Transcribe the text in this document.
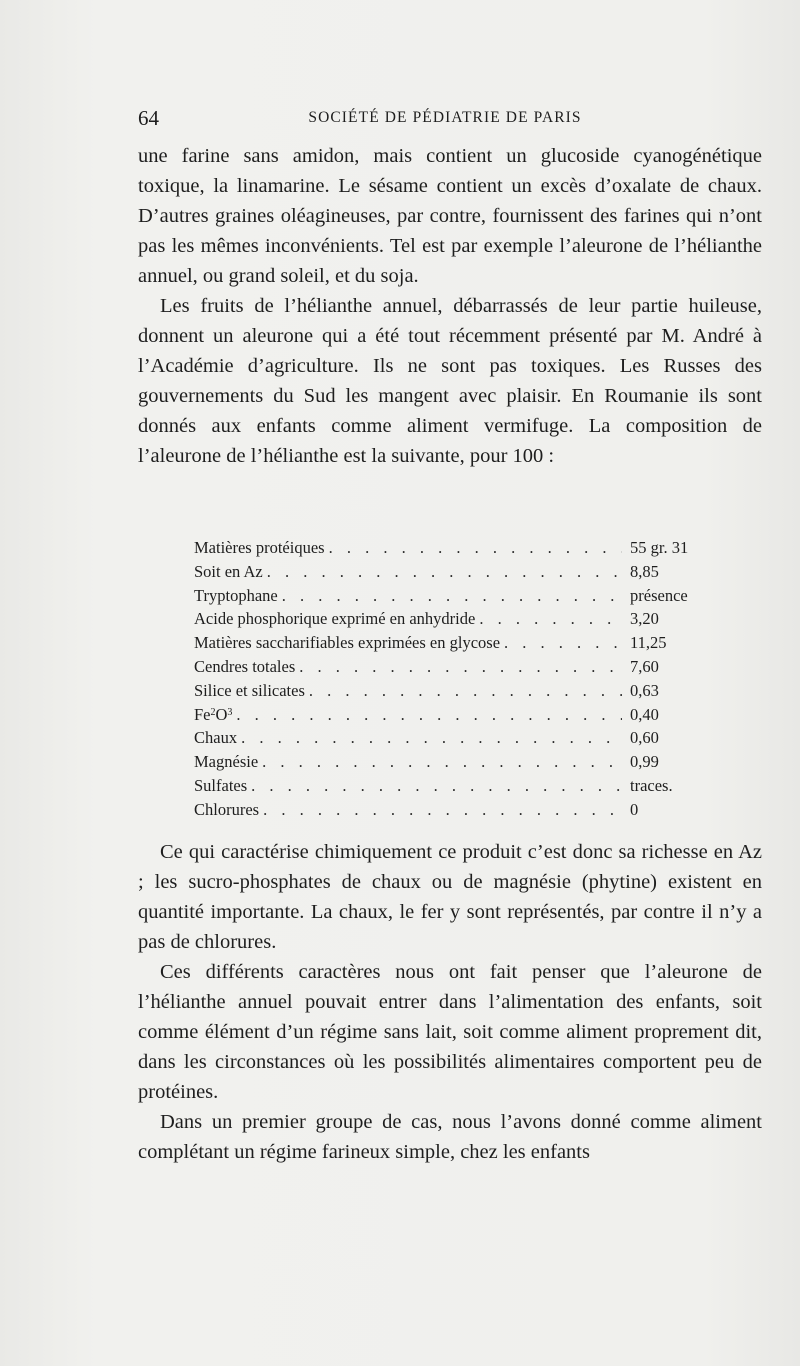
64	SOCIÉTÉ DE PÉDIATRIE DE PARIS

une farine sans amidon, mais contient un glucoside cyanogénétique toxique, la linamarine. Le sésame contient un excès d’oxalate de chaux. D’autres graines oléagineuses, par contre, fournissent des farines qui n’ont pas les mêmes inconvénients. Tel est par exemple l’aleurone de l’hélianthe annuel, ou grand soleil, et du soja.

Les fruits de l’hélianthe annuel, débarrassés de leur partie huileuse, donnent un aleurone qui a été tout récemment présenté par M. André à l’Académie d’agriculture. Ils ne sont pas toxiques. Les Russes des gouvernements du Sud les mangent avec plaisir. En Roumanie ils sont donnés aux enfants comme aliment vermifuge. La composition de l’aleurone de l’hélianthe est la suivante, pour 100 :

Matières protéiques . . .	55 gr. 31
Soit en Az . . .	8,85
Tryptophane . . .	présence
Acide phosphorique exprimé en anhydride . . .	3,20
Matières saccharifiables exprimées en glycose . . .	11,25
Cendres totales . . .	7,60
Silice et silicates . . .	0,63
$Fe^2O^3$ . . .	0,40
Chaux . . .	0,60
Magnésie . . .	0,99
Sulfates . . .	traces.
Chlorures . . .	0

Ce qui caractérise chimiquement ce produit c’est donc sa richesse en Az ; les sucro-phosphates de chaux ou de magnésie (phytine) existent en quantité importante. La chaux, le fer y sont représentés, par contre il n’y a pas de chlorures.

Ces différents caractères nous ont fait penser que l’aleurone de l’hélianthe annuel pouvait entrer dans l’alimentation des enfants, soit comme élément d’un régime sans lait, soit comme aliment proprement dit, dans les circonstances où les possibilités alimentaires comportent peu de protéines.

Dans un premier groupe de cas, nous l’avons donné comme aliment complétant un régime farineux simple, chez les enfants
